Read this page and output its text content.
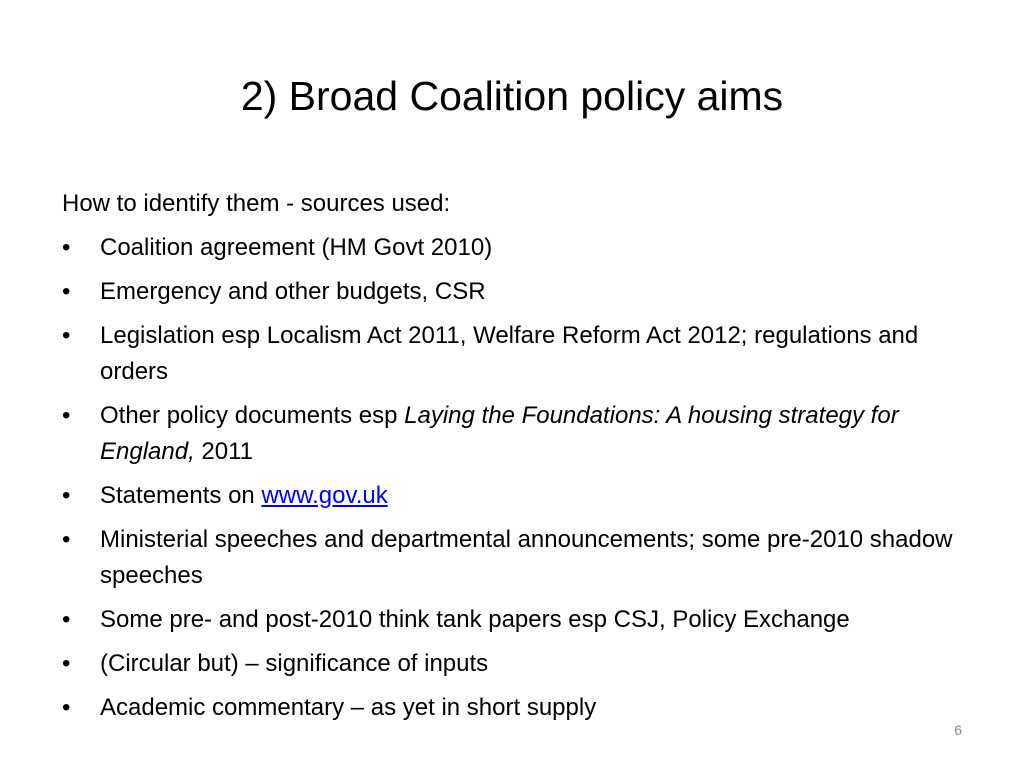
2) Broad Coalition policy aims

How to identify them - sources used:

•	Coalition agreement (HM Govt 2010)
•	Emergency and other budgets, CSR
•	Legislation esp Localism Act 2011, Welfare Reform Act 2012; regulations and orders
•	Other policy documents esp Laying the Foundations: A housing strategy for England, 2011
•	Statements on www.gov.uk
•	Ministerial speeches and departmental announcements; some pre-2010 shadow speeches
•	Some pre- and post-2010 think tank papers esp CSJ, Policy Exchange
•	(Circular but) – significance of inputs
•	Academic commentary – as yet in short supply
6
